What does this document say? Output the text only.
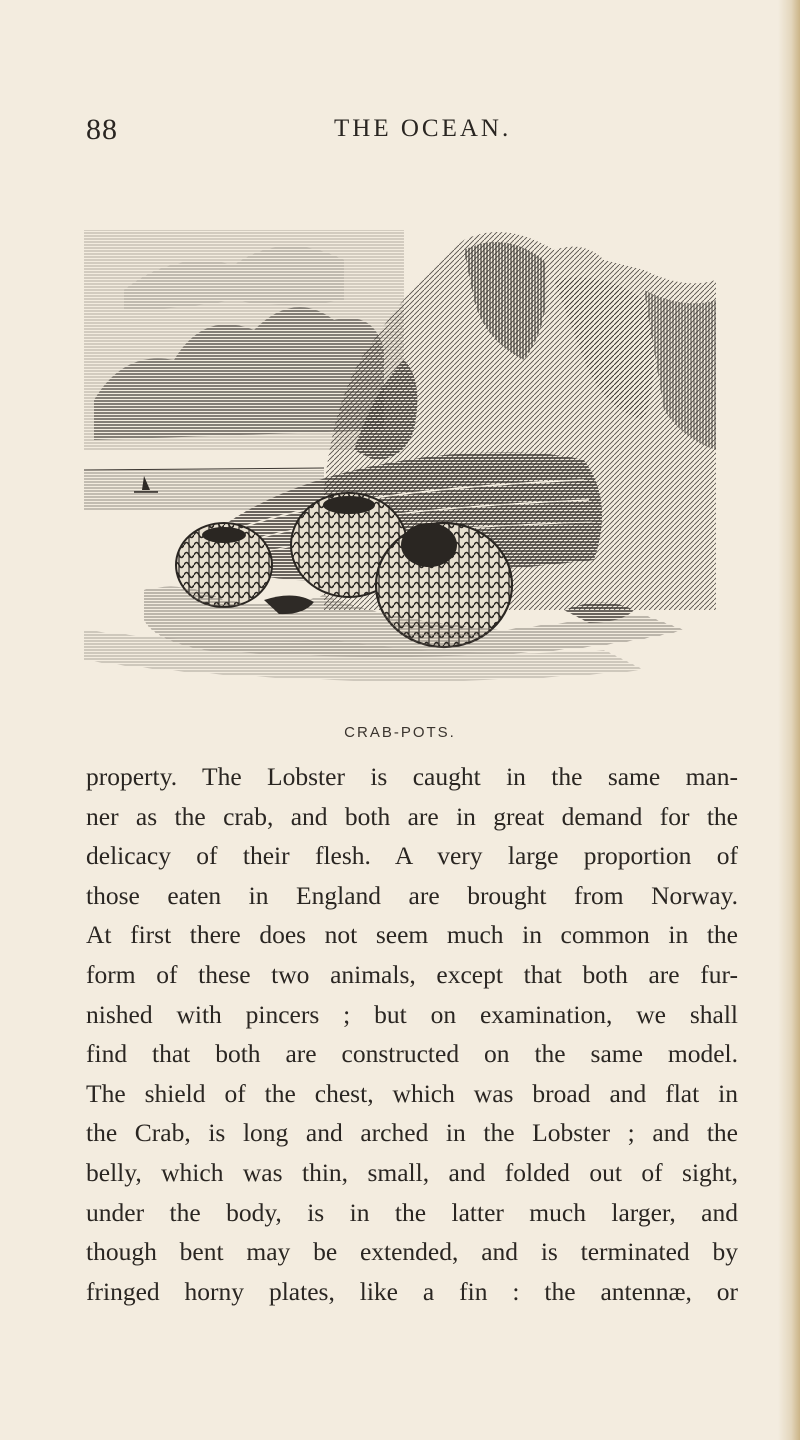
88	THE OCEAN.
CRAB-POTS.
property. The Lobster is caught in the same man-
ner as the crab, and both are in great demand for the
delicacy of their flesh. A very large proportion of
those eaten in England are brought from Norway.
At first there does not seem much in common in the
form of these two animals, except that both are fur-
nished with pincers ; but on examination, we shall
find that both are constructed on the same model.
The shield of the chest, which was broad and flat in
the Crab, is long and arched in the Lobster ; and the
belly, which was thin, small, and folded out of sight,
under the body, is in the latter much larger, and
though bent may be extended, and is terminated by
fringed horny plates, like a fin : the antennæ, or
